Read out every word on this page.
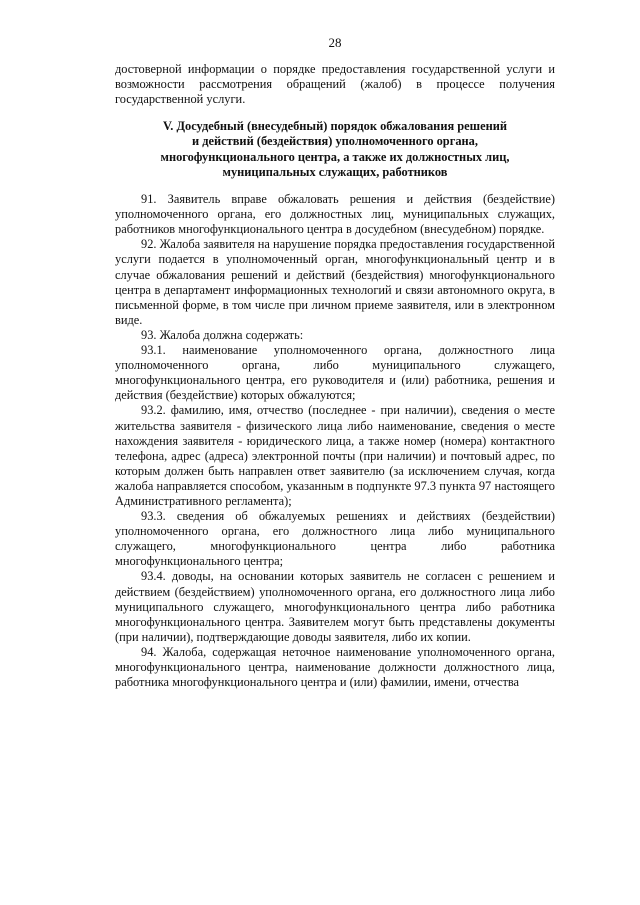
28

достоверной информации о порядке предоставления государственной услуги и возможности рассмотрения обращений (жалоб) в процессе получения государственной услуги.

V. Досудебный (внесудебный) порядок обжалования решений
и действий (бездействия) уполномоченного органа,
многофункционального центра, а также их должностных лиц,
муниципальных служащих, работников

91. Заявитель вправе обжаловать решения и действия (бездействие) уполномоченного органа, его должностных лиц, муниципальных служащих, работников многофункционального центра в досудебном (внесудебном) порядке.

92. Жалоба заявителя на нарушение порядка предоставления государственной услуги подается в уполномоченный орган, многофункциональный центр и в случае обжалования решений и действий (бездействия) многофункционального центра в департамент информационных технологий и связи автономного округа, в письменной форме, в том числе при личном приеме заявителя, или в электронном виде.

93. Жалоба должна содержать:

93.1. наименование уполномоченного органа, должностного лица уполномоченного органа, либо муниципального служащего, многофункционального центра, его руководителя и (или) работника, решения и действия (бездействие) которых обжалуются;

93.2. фамилию, имя, отчество (последнее - при наличии), сведения о месте жительства заявителя - физического лица либо наименование, сведения о месте нахождения заявителя - юридического лица, а также номер (номера) контактного телефона, адрес (адреса) электронной почты (при наличии) и почтовый адрес, по которым должен быть направлен ответ заявителю (за исключением случая, когда жалоба направляется способом, указанным в подпункте 97.3 пункта 97 настоящего Административного регламента);

93.3. сведения об обжалуемых решениях и действиях (бездействии) уполномоченного органа, его должностного лица либо муниципального служащего, многофункционального центра либо работника многофункционального центра;

93.4. доводы, на основании которых заявитель не согласен с решением и действием (бездействием) уполномоченного органа, его должностного лица либо муниципального служащего, многофункционального центра либо работника многофункционального центра. Заявителем могут быть представлены документы (при наличии), подтверждающие доводы заявителя, либо их копии.

94. Жалоба, содержащая неточное наименование уполномоченного органа, многофункционального центра, наименование должности должностного лица, работника многофункционального центра и (или) фамилии, имени, отчества
